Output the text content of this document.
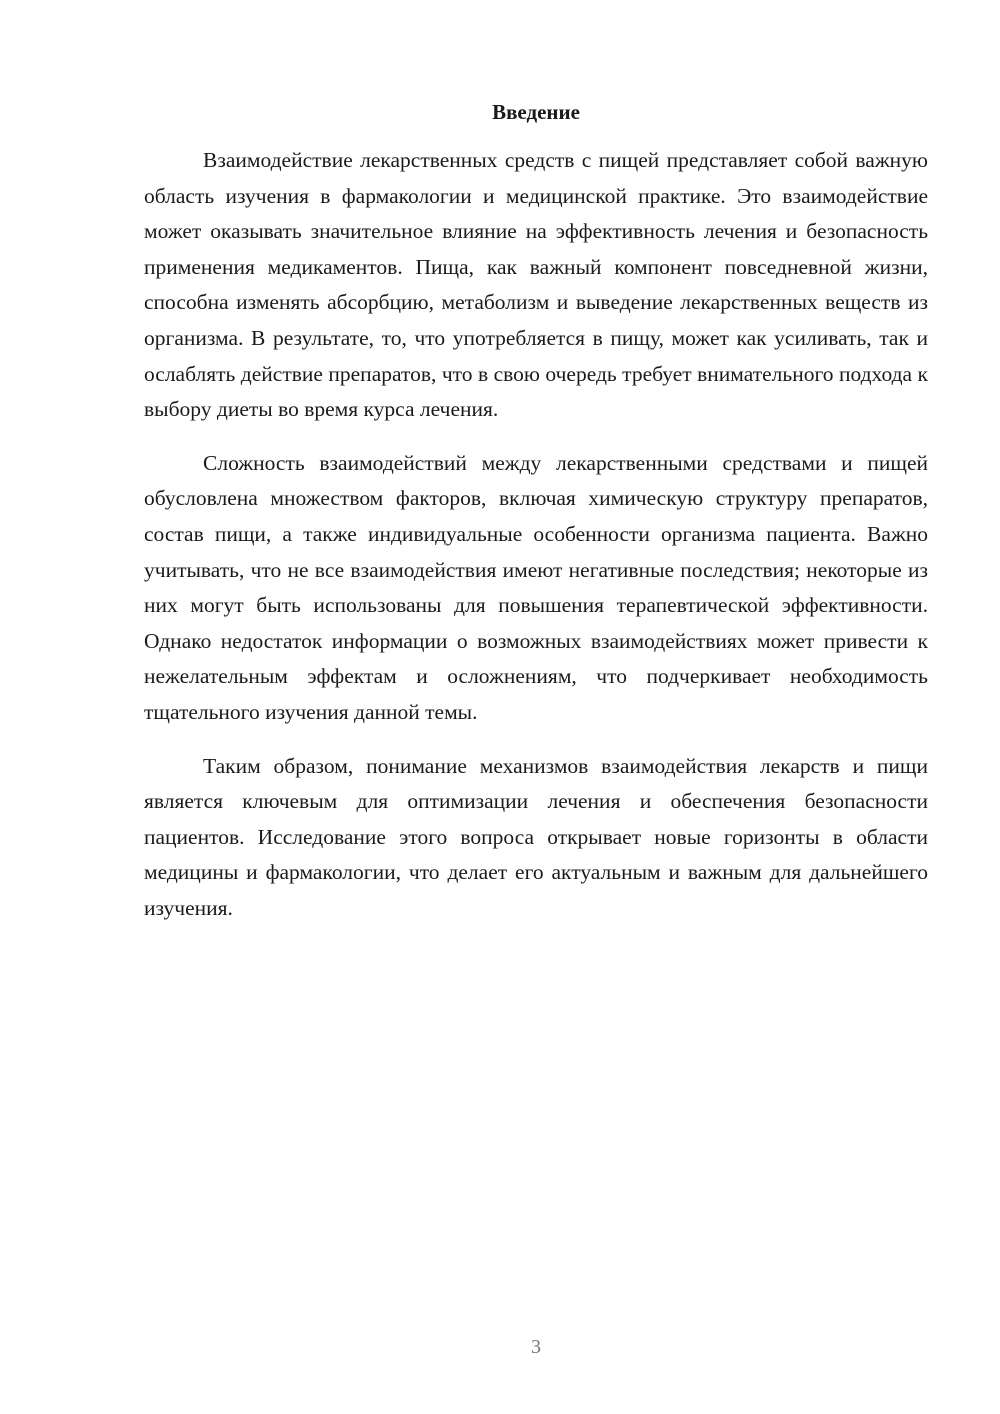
Введение

Взаимодействие лекарственных средств с пищей представляет собой важную область изучения в фармакологии и медицинской практике. Это взаимодействие может оказывать значительное влияние на эффективность лечения и безопасность применения медикаментов. Пища, как важный компонент повседневной жизни, способна изменять абсорбцию, метаболизм и выведение лекарственных веществ из организма. В результате, то, что употребляется в пищу, может как усиливать, так и ослаблять действие препаратов, что в свою очередь требует внимательного подхода к выбору диеты во время курса лечения.

Сложность взаимодействий между лекарственными средствами и пищей обусловлена множеством факторов, включая химическую структуру препаратов, состав пищи, а также индивидуальные особенности организма пациента. Важно учитывать, что не все взаимодействия имеют негативные последствия; некоторые из них могут быть использованы для повышения терапевтической эффективности. Однако недостаток информации о возможных взаимодействиях может привести к нежелательным эффектам и осложнениям, что подчеркивает необходимость тщательного изучения данной темы.

Таким образом, понимание механизмов взаимодействия лекарств и пищи является ключевым для оптимизации лечения и обеспечения безопасности пациентов. Исследование этого вопроса открывает новые горизонты в области медицины и фармакологии, что делает его актуальным и важным для дальнейшего изучения.

3
